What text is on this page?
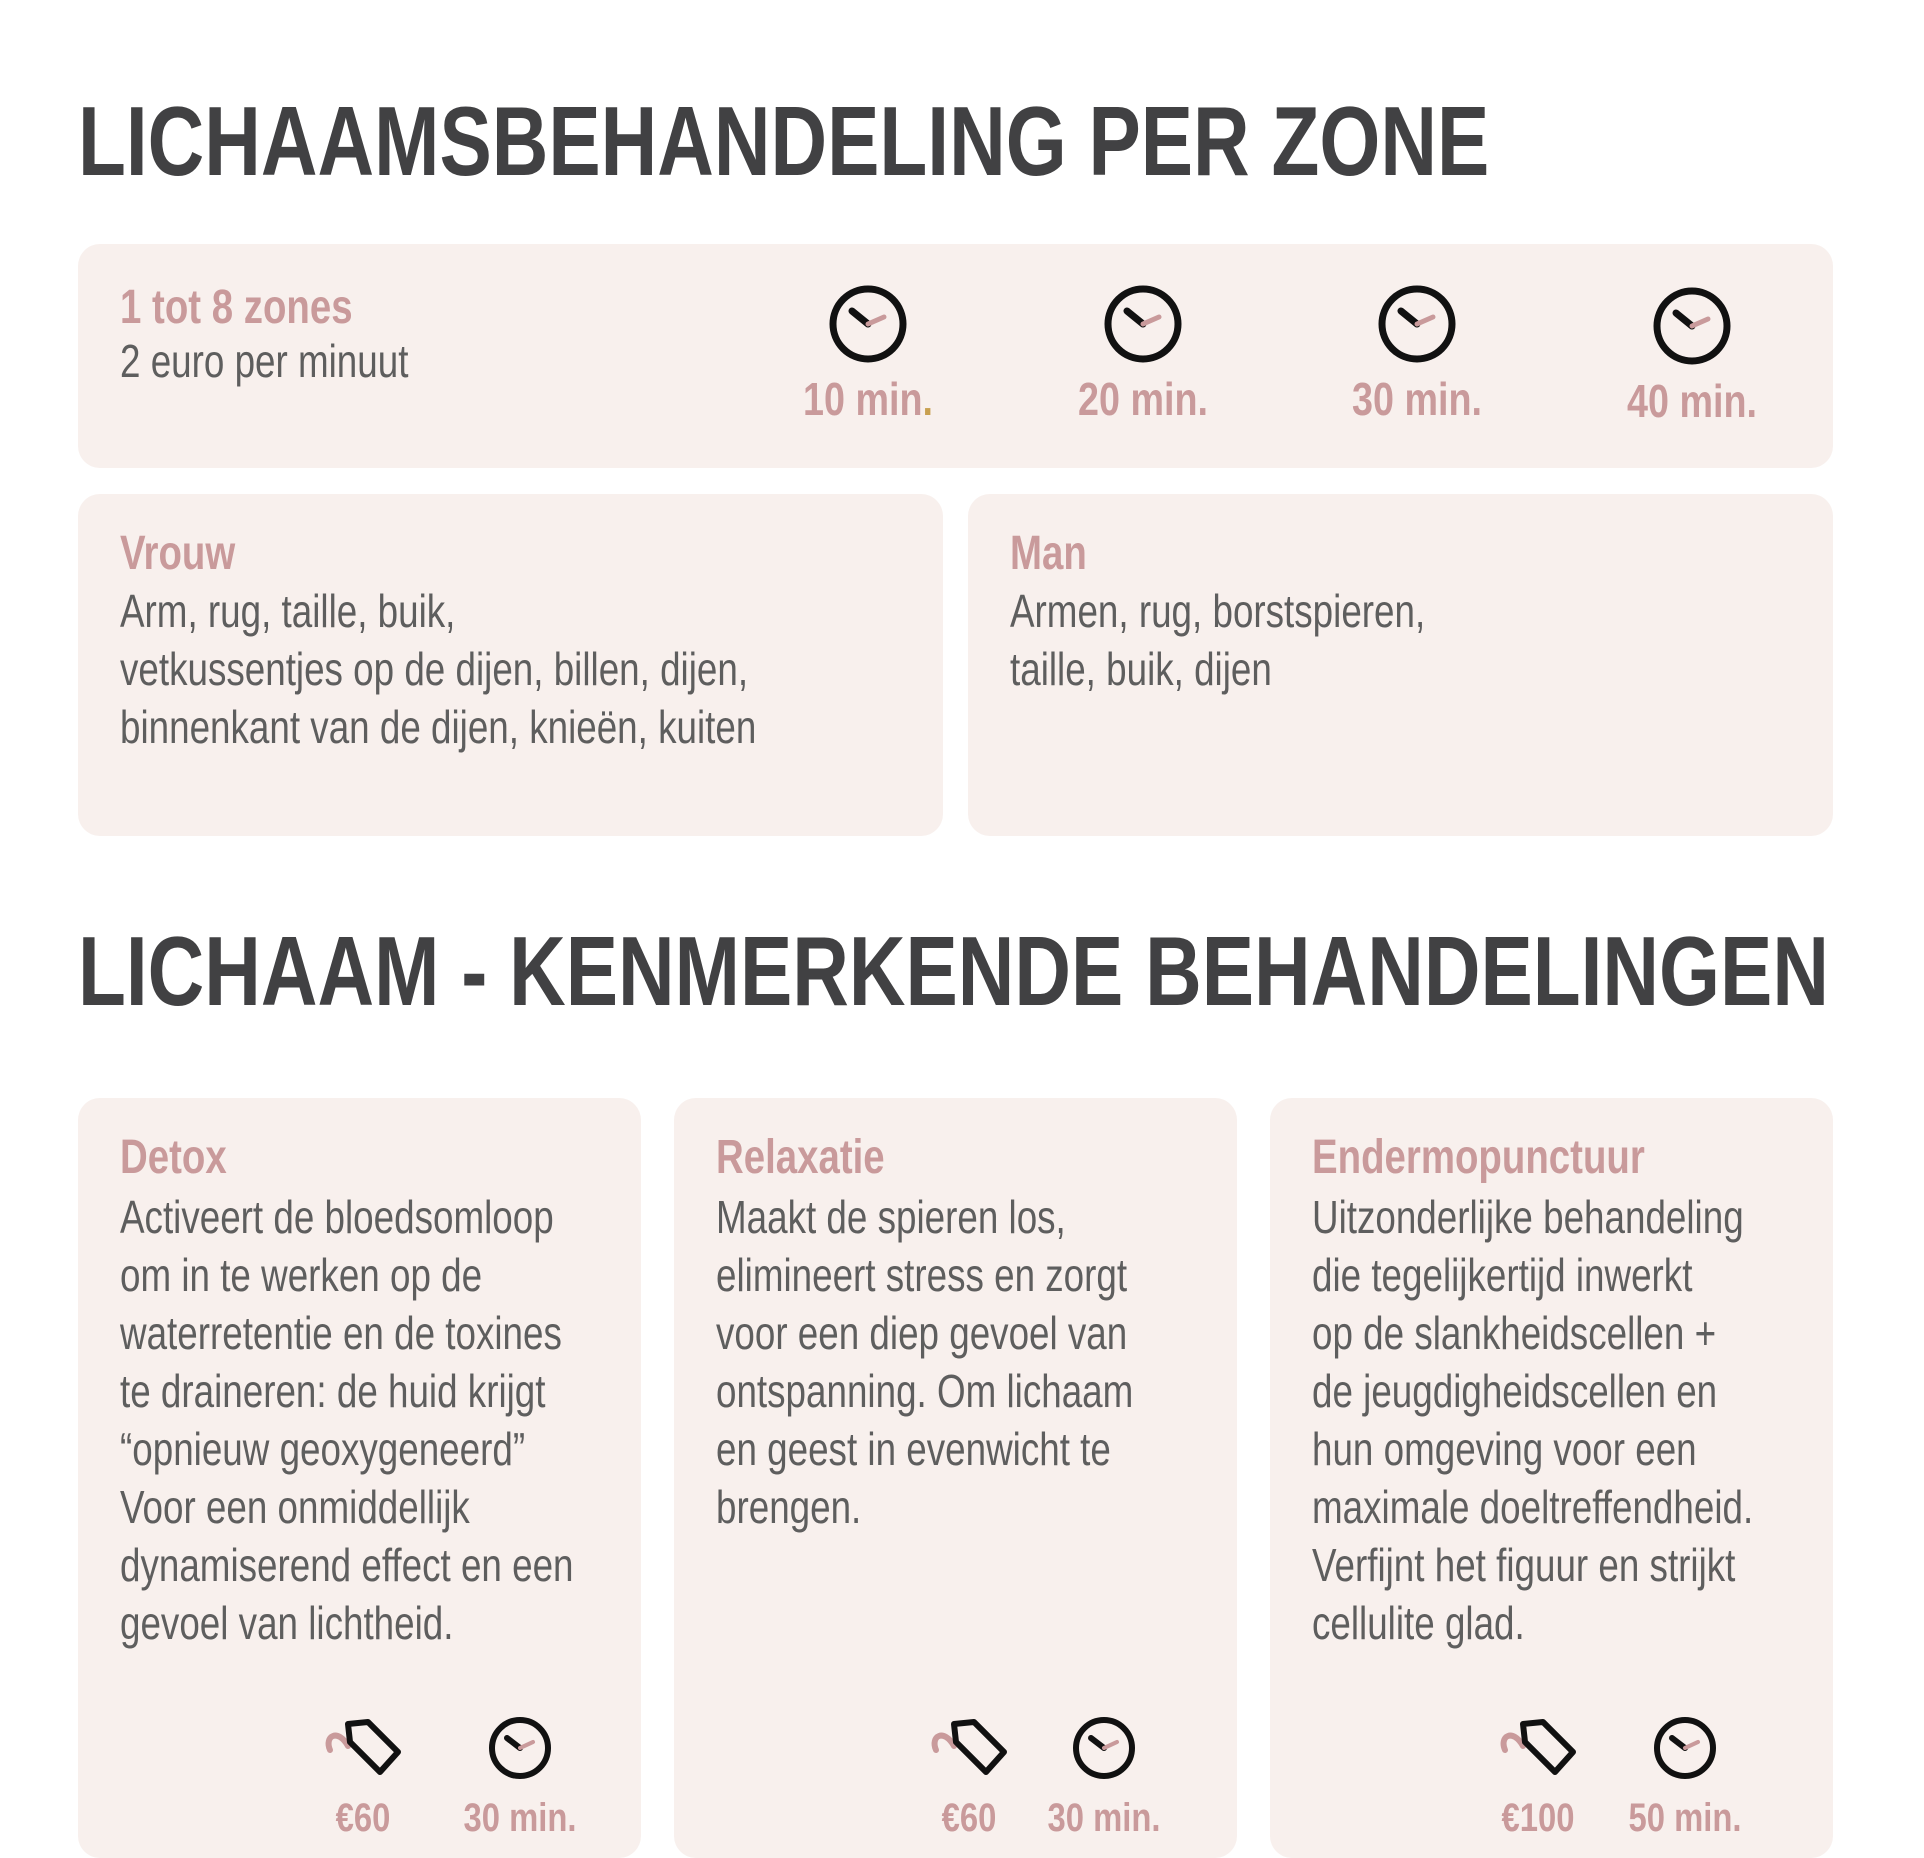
LICHAAMSBEHANDELING PER ZONE
1 tot 8 zones
2 euro per minuut
10 min.	20 min.	30 min.	40 min.
Vrouw
Arm, rug, taille, buik,
vetkussentjes op de dijen, billen, dijen,
binnenkant van de dijen, knieën, kuiten
Man
Armen, rug, borstspieren,
taille, buik, dijen
LICHAAM - KENMERKENDE BEHANDELINGEN
Detox
Activeert de bloedsomloop
om in te werken op de
waterretentie en de toxines
te draineren: de huid krijgt
“opnieuw geoxygeneerd”
Voor een onmiddellijk
dynamiserend effect en een
gevoel van lichtheid.
€60	30 min.
Relaxatie
Maakt de spieren los,
elimineert stress en zorgt
voor een diep gevoel van
ontspanning. Om lichaam
en geest in evenwicht te
brengen.
€60	30 min.
Endermopunctuur
Uitzonderlijke behandeling
die tegelijkertijd inwerkt
op de slankheidscellen +
de jeugdigheidscellen en
hun omgeving voor een
maximale doeltreffendheid.
Verfijnt het figuur en strijkt
cellulite glad.
€100	50 min.
